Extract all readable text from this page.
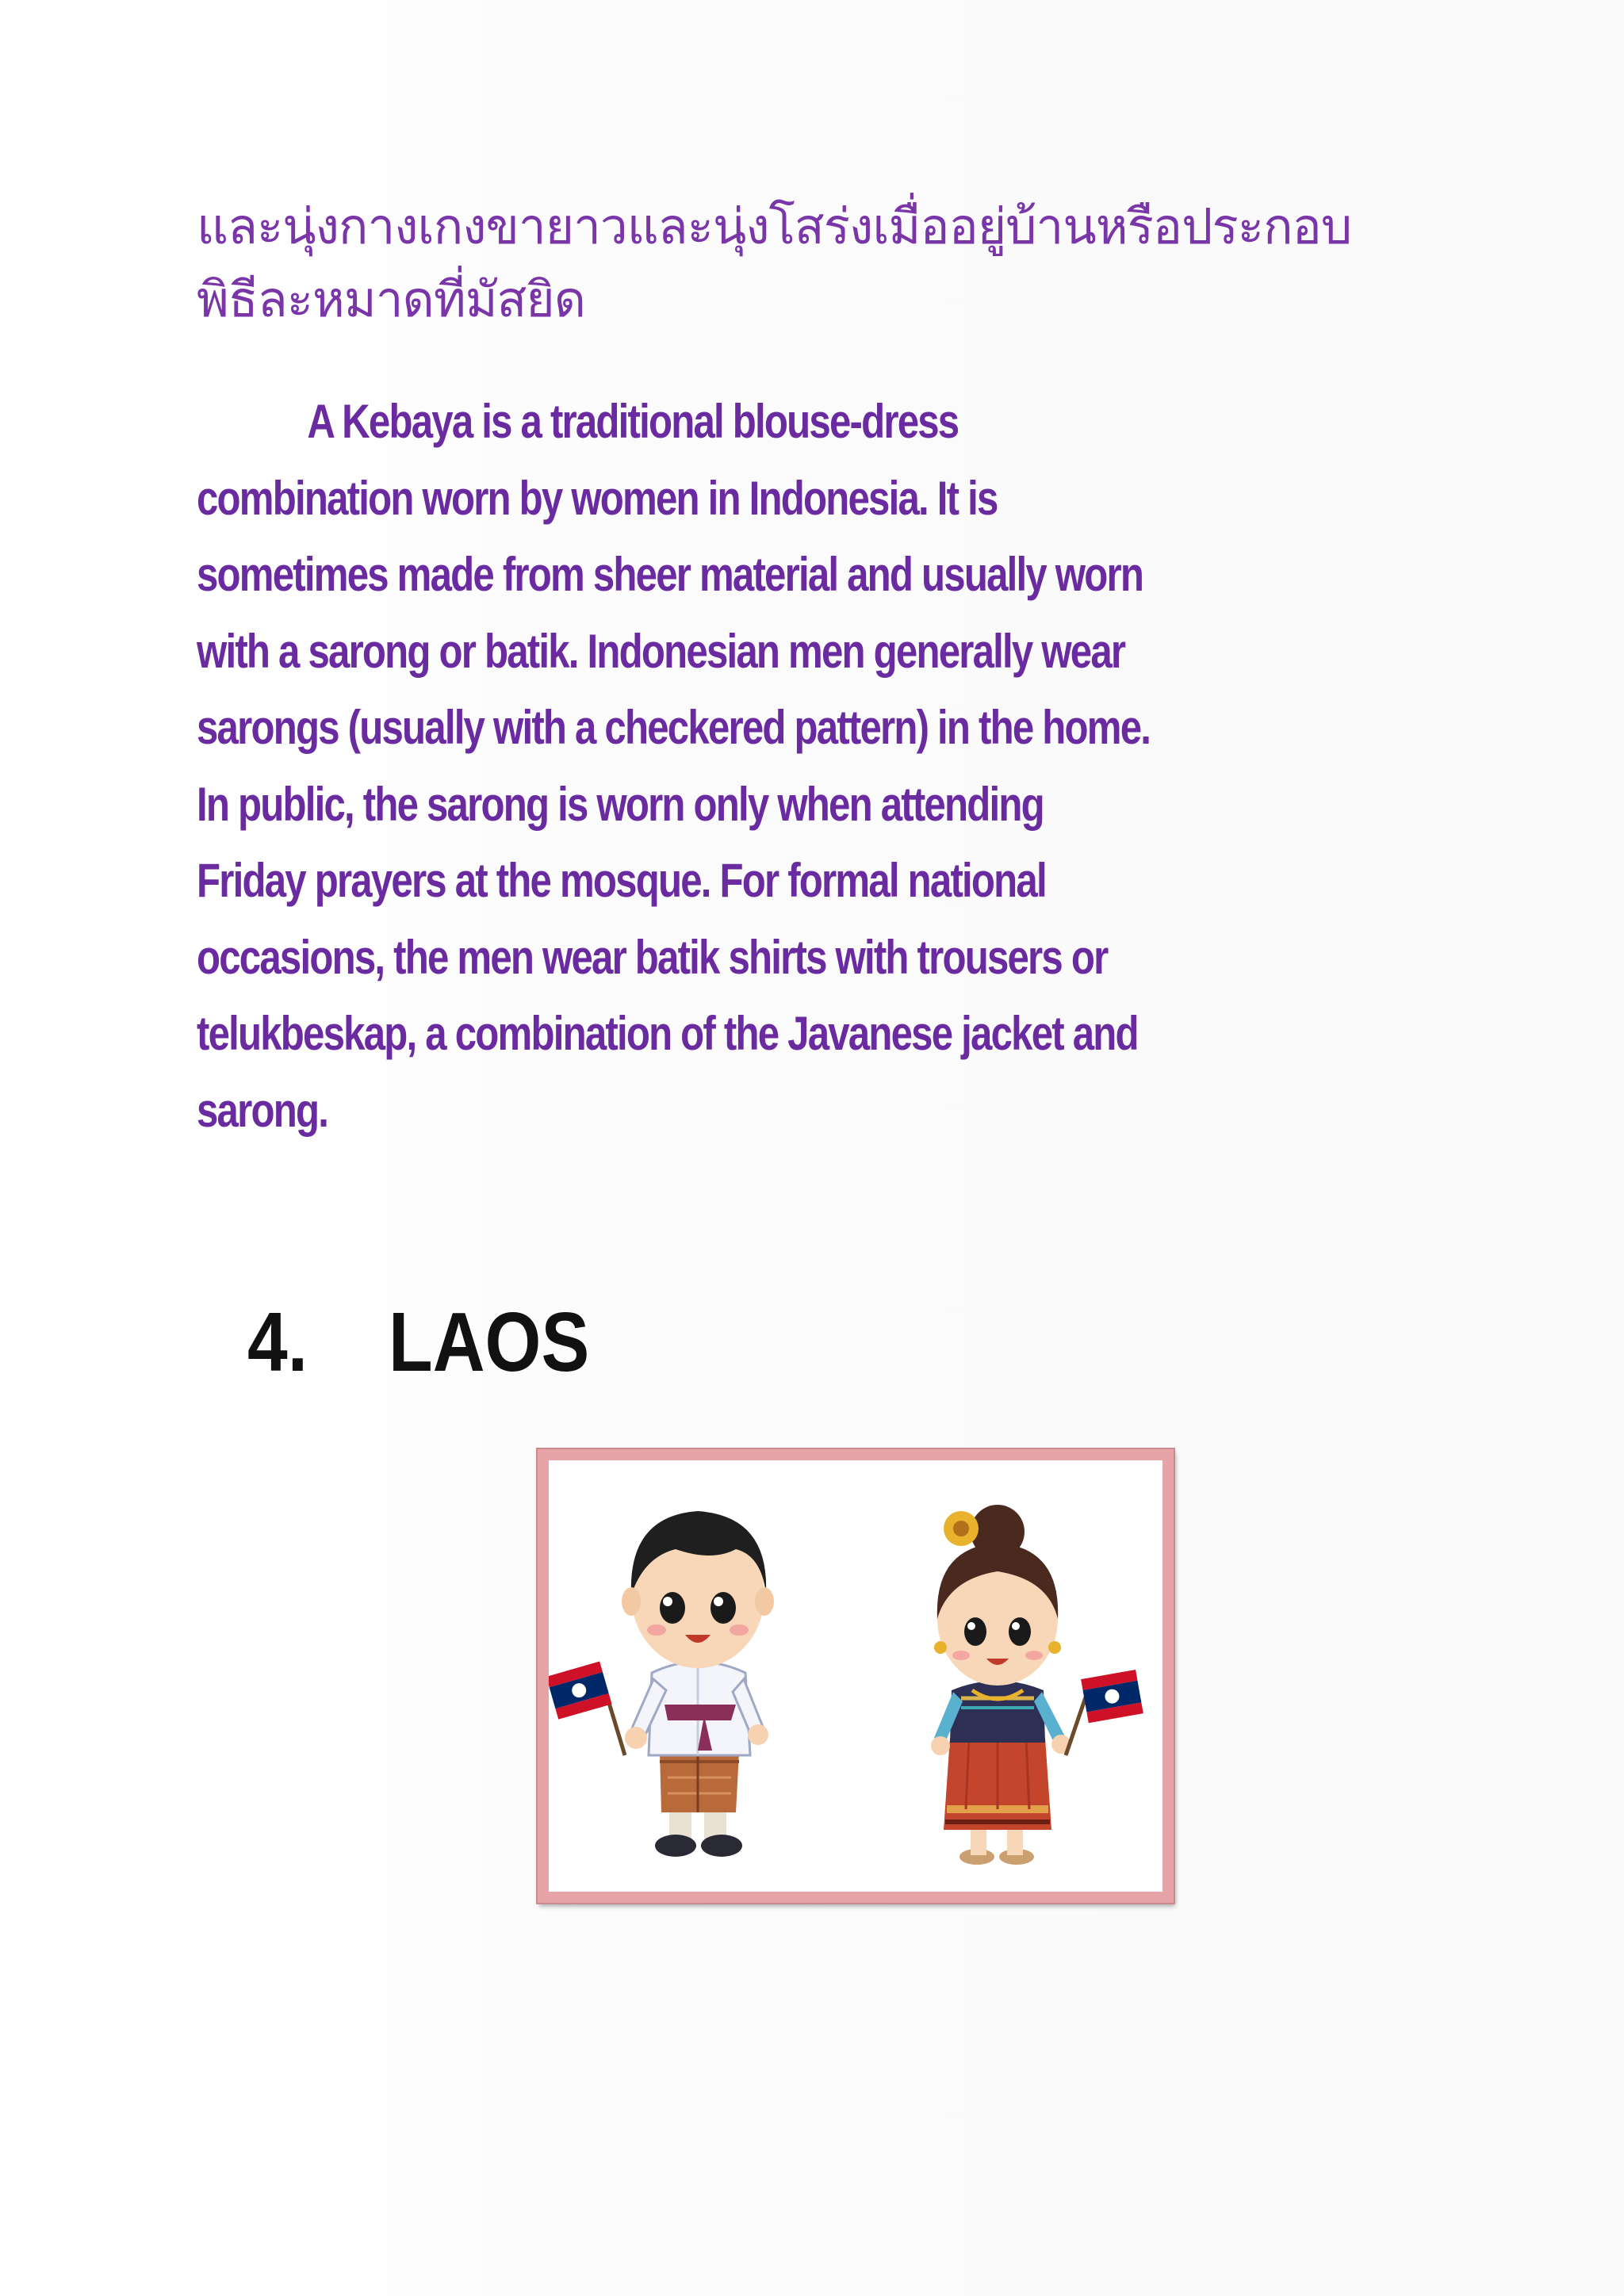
และนุ่งกางเกงขายาวและนุ่งโสร่งเมื่ออยู่บ้านหรือประกอบ
พิธีละหมาดที่มัสยิด

A Kebaya is a traditional blouse-dress
combination worn by women in Indonesia. It is
sometimes made from sheer material and usually worn
with a sarong or batik. Indonesian men generally wear
sarongs (usually with a checkered pattern) in the home.
In public, the sarong is worn only when attending
Friday prayers at the mosque. For formal national
occasions, the men wear batik shirts with trousers or
telukbeskap, a combination of the Javanese jacket and
sarong.

4. LAOS
